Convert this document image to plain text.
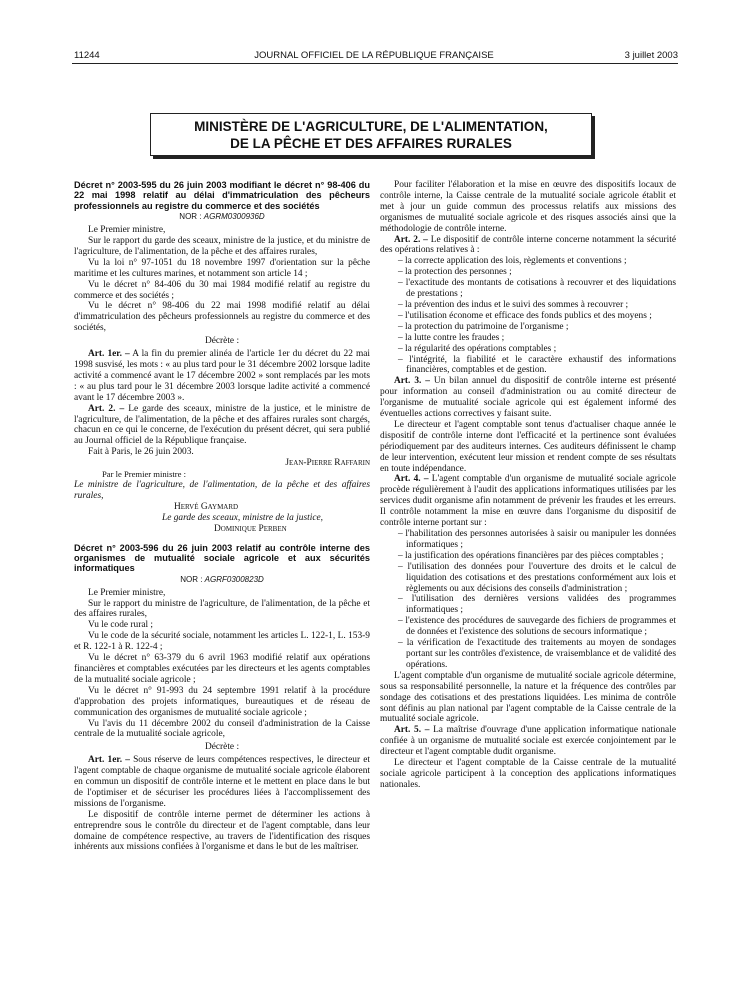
11244	JOURNAL OFFICIEL DE LA RÉPUBLIQUE FRANÇAISE	3 juillet 2003
MINISTÈRE DE L'AGRICULTURE, DE L'ALIMENTATION,
DE LA PÊCHE ET DES AFFAIRES RURALES
Décret n° 2003-595 du 26 juin 2003 modifiant le décret n° 98-406 du 22 mai 1998 relatif au délai d'immatriculation des pêcheurs professionnels au registre du commerce et des sociétés
NOR : AGRM0300936D

Le Premier ministre,

Sur le rapport du garde des sceaux, ministre de la justice, et du ministre de l'agriculture, de l'alimentation, de la pêche et des affaires rurales,

Vu la loi n° 97-1051 du 18 novembre 1997 d'orientation sur la pêche maritime et les cultures marines, et notamment son article 14 ;

Vu le décret n° 84-406 du 30 mai 1984 modifié relatif au registre du commerce et des sociétés ;

Vu le décret n° 98-406 du 22 mai 1998 modifié relatif au délai d'immatriculation des pêcheurs professionnels au registre du commerce et des sociétés,

Décrète :

Art. 1er. – A la fin du premier alinéa de l'article 1er du décret du 22 mai 1998 susvisé, les mots : « au plus tard pour le 31 décembre 2002 lorsque ladite activité a commencé avant le 17 décembre 2002 » sont remplacés par les mots : « au plus tard pour le 31 décembre 2003 lorsque ladite activité a commencé avant le 17 décembre 2003 ».

Art. 2. – Le garde des sceaux, ministre de la justice, et le ministre de l'agriculture, de l'alimentation, de la pêche et des affaires rurales sont chargés, chacun en ce qui le concerne, de l'exécution du présent décret, qui sera publié au Journal officiel de la République française.

Fait à Paris, le 26 juin 2003.

Jean-Pierre Raffarin

Par le Premier ministre :

Le ministre de l'agriculture, de l'alimentation, de la pêche et des affaires rurales,

Hervé Gaymard

Le garde des sceaux, ministre de la justice,

Dominique Perben

Décret n° 2003-596 du 26 juin 2003 relatif au contrôle interne des organismes de mutualité sociale agricole et aux sécurités informatiques
NOR : AGRF0300823D

Le Premier ministre,

Sur le rapport du ministre de l'agriculture, de l'alimentation, de la pêche et des affaires rurales,

Vu le code rural ;

Vu le code de la sécurité sociale, notamment les articles L. 122-1, L. 153-9 et R. 122-1 à R. 122-4 ;

Vu le décret n° 63-379 du 6 avril 1963 modifié relatif aux opérations financières et comptables exécutées par les directeurs et les agents comptables de la mutualité sociale agricole ;

Vu le décret n° 91-993 du 24 septembre 1991 relatif à la procédure d'approbation des projets informatiques, bureautiques et de réseau de communication des organismes de mutualité sociale agricole ;

Vu l'avis du 11 décembre 2002 du conseil d'administration de la Caisse centrale de la mutualité sociale agricole,

Décrète :

Art. 1er. – Sous réserve de leurs compétences respectives, le directeur et l'agent comptable de chaque organisme de mutualité sociale agricole élaborent en commun un dispositif de contrôle interne et le mettent en place dans le but de l'optimiser et de sécuriser les procédures liées à l'accomplissement des missions de l'organisme.

Le dispositif de contrôle interne permet de déterminer les actions à entreprendre sous le contrôle du directeur et de l'agent comptable, dans leur domaine de compétence respective, au travers de l'identification des risques inhérents aux missions confiées à l'organisme et dans le but de les maîtriser.

Pour faciliter l'élaboration et la mise en œuvre des dispositifs locaux de contrôle interne, la Caisse centrale de la mutualité sociale agricole établit et met à jour un guide commun des processus relatifs aux missions des organismes de mutualité sociale agricole et des risques associés ainsi que la méthodologie de contrôle interne.

Art. 2. – Le dispositif de contrôle interne concerne notamment la sécurité des opérations relatives à :

– la correcte application des lois, règlements et conventions ;
– la protection des personnes ;
– l'exactitude des montants de cotisations à recouvrer et des liquidations de prestations ;
– la prévention des indus et le suivi des sommes à recouvrer ;
– l'utilisation économe et efficace des fonds publics et des moyens ;
– la protection du patrimoine de l'organisme ;
– la lutte contre les fraudes ;
– la régularité des opérations comptables ;
– l'intégrité, la fiabilité et le caractère exhaustif des informations financières, comptables et de gestion.

Art. 3. – Un bilan annuel du dispositif de contrôle interne est présenté pour information au conseil d'administration ou au comité directeur de l'organisme de mutualité sociale agricole qui est également informé des éventuelles actions correctives y faisant suite.

Le directeur et l'agent comptable sont tenus d'actualiser chaque année le dispositif de contrôle interne dont l'efficacité et la pertinence sont évaluées périodiquement par des auditeurs internes. Ces auditeurs définissent le champ de leur intervention, exécutent leur mission et rendent compte de ses résultats en toute indépendance.

Art. 4. – L'agent comptable d'un organisme de mutualité sociale agricole procède régulièrement à l'audit des applications informatiques utilisées par les services dudit organisme afin notamment de prévenir les fraudes et les erreurs. Il contrôle notamment la mise en œuvre dans l'organisme du dispositif de contrôle interne portant sur :

– l'habilitation des personnes autorisées à saisir ou manipuler les données informatiques ;
– la justification des opérations financières par des pièces comptables ;
– l'utilisation des données pour l'ouverture des droits et le calcul de liquidation des cotisations et des prestations conformément aux lois et règlements ou aux décisions des conseils d'administration ;
– l'utilisation des dernières versions validées des programmes informatiques ;
– l'existence des procédures de sauvegarde des fichiers de programmes et de données et l'existence des solutions de secours informatique ;
– la vérification de l'exactitude des traitements au moyen de sondages portant sur les contrôles d'existence, de vraisemblance et de validité des opérations.

L'agent comptable d'un organisme de mutualité sociale agricole détermine, sous sa responsabilité personnelle, la nature et la fréquence des contrôles par sondage des cotisations et des prestations liquidées. Les minima de contrôle sont définis au plan national par l'agent comptable de la Caisse centrale de la mutualité sociale agricole.

Art. 5. – La maîtrise d'ouvrage d'une application informatique nationale confiée à un organisme de mutualité sociale est exercée conjointement par le directeur et l'agent comptable dudit organisme.

Le directeur et l'agent comptable de la Caisse centrale de la mutualité sociale agricole participent à la conception des applications informatiques nationales.
